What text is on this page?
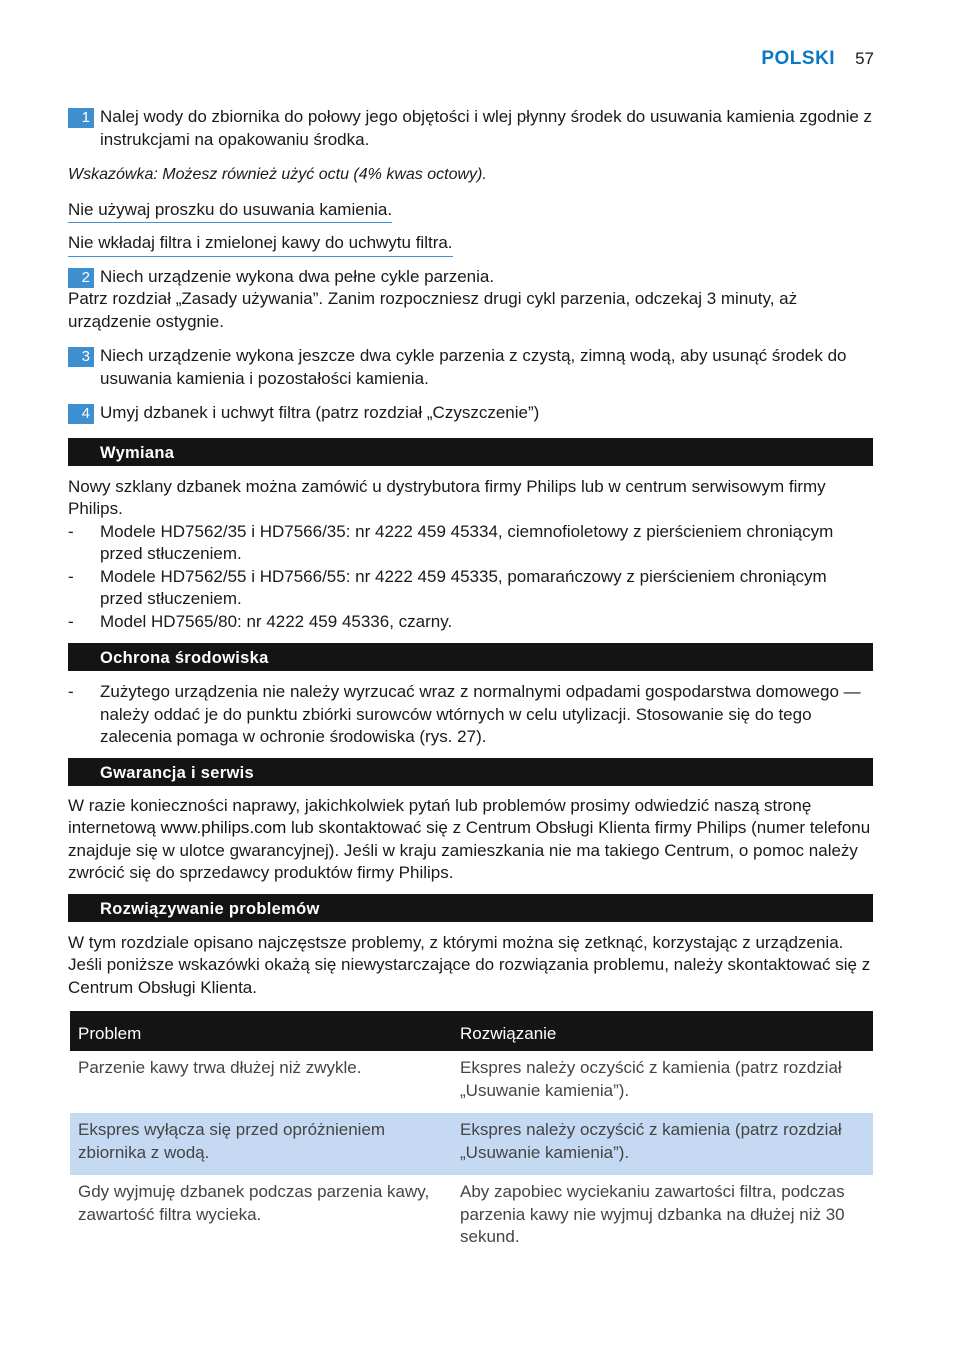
POLSKI 57
1 Nalej wody do zbiornika do połowy jego objętości i wlej płynny środek do usuwania kamienia zgodnie z instrukcjami na opakowaniu środka.

Wskazówka: Możesz również użyć octu (4% kwas octowy).

Nie używaj proszku do usuwania kamienia.

Nie wkładaj filtra i zmielonej kawy do uchwytu filtra.

2 Niech urządzenie wykona dwa pełne cykle parzenia.

Patrz rozdział „Zasady używania”. Zanim rozpoczniesz drugi cykl parzenia, odczekaj 3 minuty, aż urządzenie ostygnie.

3 Niech urządzenie wykona jeszcze dwa cykle parzenia z czystą, zimną wodą, aby usunąć środek do usuwania kamienia i pozostałości kamienia.
4 Umyj dzbanek i uchwyt filtra (patrz rozdział „Czyszczenie”)
Wymiana

Nowy szklany dzbanek można zamówić u dystrybutora firmy Philips lub w centrum serwisowym firmy Philips.

- Modele HD7562/35 i HD7566/35: nr 4222 459 45334, ciemnofioletowy z pierścieniem chroniącym przed stłuczeniem.
- Modele HD7562/55 i HD7566/55: nr 4222 459 45335, pomarańczowy z pierścieniem chroniącym przed stłuczeniem.
- Model HD7565/80: nr 4222 459 45336, czarny.
Ochrona środowiska
- Zużytego urządzenia nie należy wyrzucać wraz z normalnymi odpadami gospodarstwa domowego — należy oddać je do punktu zbiórki surowców wtórnych w celu utylizacji. Stosowanie się do tego zalecenia pomaga w ochronie środowiska (rys. 27).
Gwarancja i serwis

W razie konieczności naprawy, jakichkolwiek pytań lub problemów prosimy odwiedzić naszą stronę internetową www.philips.com lub skontaktować się z Centrum Obsługi Klienta firmy Philips (numer telefonu znajduje się w ulotce gwarancyjnej). Jeśli w kraju zamieszkania nie ma takiego Centrum, o pomoc należy zwrócić się do sprzedawcy produktów firmy Philips.

Rozwiązywanie problemów

W tym rozdziale opisano najczęstsze problemy, z którymi można się zetknąć, korzystając z urządzenia. Jeśli poniższe wskazówki okażą się niewystarczające do rozwiązania problemu, należy skontaktować się z Centrum Obsługi Klienta.

Problem	Rozwiązanie
Parzenie kawy trwa dłużej niż zwykle.	Ekspres należy oczyścić z kamienia (patrz rozdział „Usuwanie kamienia”).
Ekspres wyłącza się przed opróżnieniem zbiornika z wodą.	Ekspres należy oczyścić z kamienia (patrz rozdział „Usuwanie kamienia”).
Gdy wyjmuję dzbanek podczas parzenia kawy, zawartość filtra wycieka.	Aby zapobiec wyciekaniu zawartości filtra, podczas parzenia kawy nie wyjmuj dzbanka na dłużej niż 30 sekund.
